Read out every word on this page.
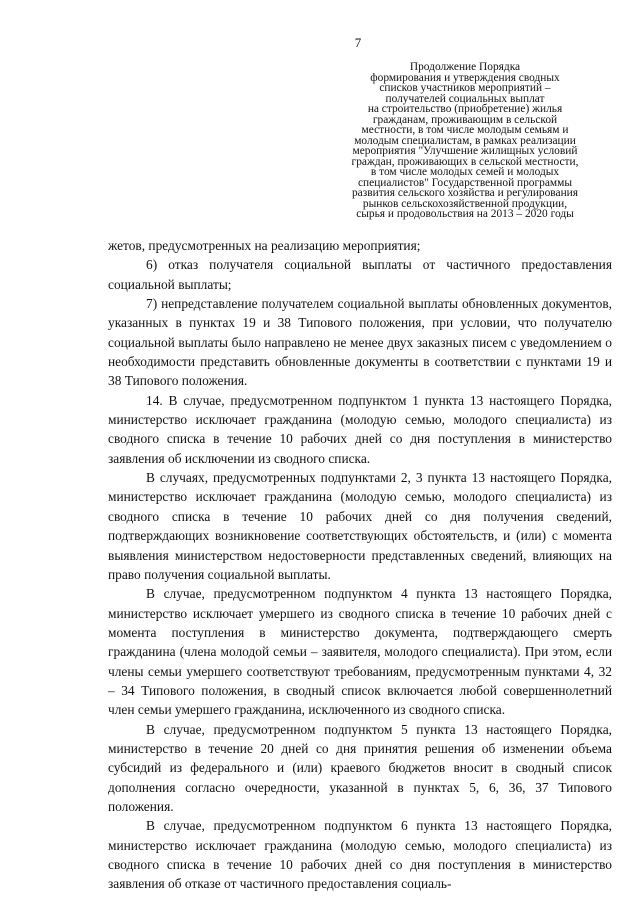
7
Продолжение Порядка
формирования и утверждения сводных
списков участников мероприятий –
получателей социальных выплат
на строительство (приобретение) жилья
гражданам, проживающим в сельской
местности, в том числе молодым семьям и
молодым специалистам, в рамках реализации
мероприятия "Улучшение жилищных условий
граждан, проживающих в сельской местности,
в том числе молодых семей и молодых
специалистов" Государственной программы
развития сельского хозяйства и регулирования
рынков сельскохозяйственной продукции,
сырья и продовольствия на 2013 – 2020 годы

жетов, предусмотренных на реализацию мероприятия;

6) отказ получателя социальной выплаты от частичного предоставления социальной выплаты;

7) непредставление получателем социальной выплаты обновленных документов, указанных в пунктах 19 и 38 Типового положения, при условии, что получателю социальной выплаты было направлено не менее двух заказных писем с уведомлением о необходимости представить обновленные документы в соответствии с пунктами 19 и 38 Типового положения.

14. В случае, предусмотренном подпунктом 1 пункта 13 настоящего Порядка, министерство исключает гражданина (молодую семью, молодого специалиста) из сводного списка в течение 10 рабочих дней со дня поступления в министерство заявления об исключении из сводного списка.

В случаях, предусмотренных подпунктами 2, 3 пункта 13 настоящего Порядка, министерство исключает гражданина (молодую семью, молодого специалиста) из сводного списка в течение 10 рабочих дней со дня получения сведений, подтверждающих возникновение соответствующих обстоятельств, и (или) с момента выявления министерством недостоверности представленных сведений, влияющих на право получения социальной выплаты.

В случае, предусмотренном подпунктом 4 пункта 13 настоящего Порядка, министерство исключает умершего из сводного списка в течение 10 рабочих дней с момента поступления в министерство документа, подтверждающего смерть гражданина (члена молодой семьи – заявителя, молодого специалиста). При этом, если члены семьи умершего соответствуют требованиям, предусмотренным пунктами 4, 32 – 34 Типового положения, в сводный список включается любой совершеннолетний член семьи умершего гражданина, исключенного из сводного списка.

В случае, предусмотренном подпунктом 5 пункта 13 настоящего Порядка, министерство в течение 20 дней со дня принятия решения об изменении объема субсидий из федерального и (или) краевого бюджетов вносит в сводный список дополнения согласно очередности, указанной в пунктах 5, 6, 36, 37 Типового положения.

В случае, предусмотренном подпунктом 6 пункта 13 настоящего Порядка, министерство исключает гражданина (молодую семью, молодого специалиста) из сводного списка в течение 10 рабочих дней со дня поступления в министерство заявления об отказе от частичного предоставления социаль-
